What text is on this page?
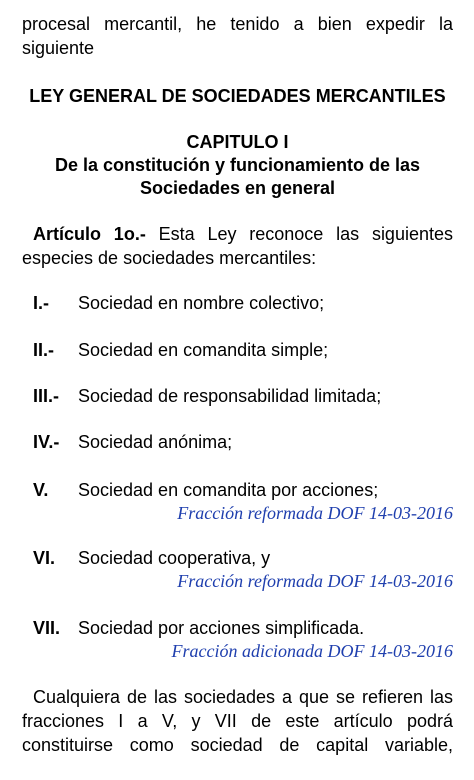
procesal mercantil, he tenido a bien expedir la

siguiente

LEY GENERAL DE SOCIEDADES MERCANTILES

CAPITULO I

De la constitución y funcionamiento de las

Sociedades en general

Artículo 1o.- Esta Ley reconoce las siguientes

especies de sociedades mercantiles:

I.-	Sociedad en nombre colectivo;
II.-	Sociedad en comandita simple;
III.-	Sociedad de responsabilidad limitada;
IV.-	Sociedad anónima;
V.	Sociedad en comandita por acciones;

Fracción reformada DOF 14-03-2016

VI.	Sociedad cooperativa, y

Fracción reformada DOF 14-03-2016

VII. Sociedad por acciones simplificada.

Fracción adicionada DOF 14-03-2016

Cualquiera de las sociedades a que se refieren las

fracciones I a V, y VII de este artículo podrá

constituirse como sociedad de capital variable,
